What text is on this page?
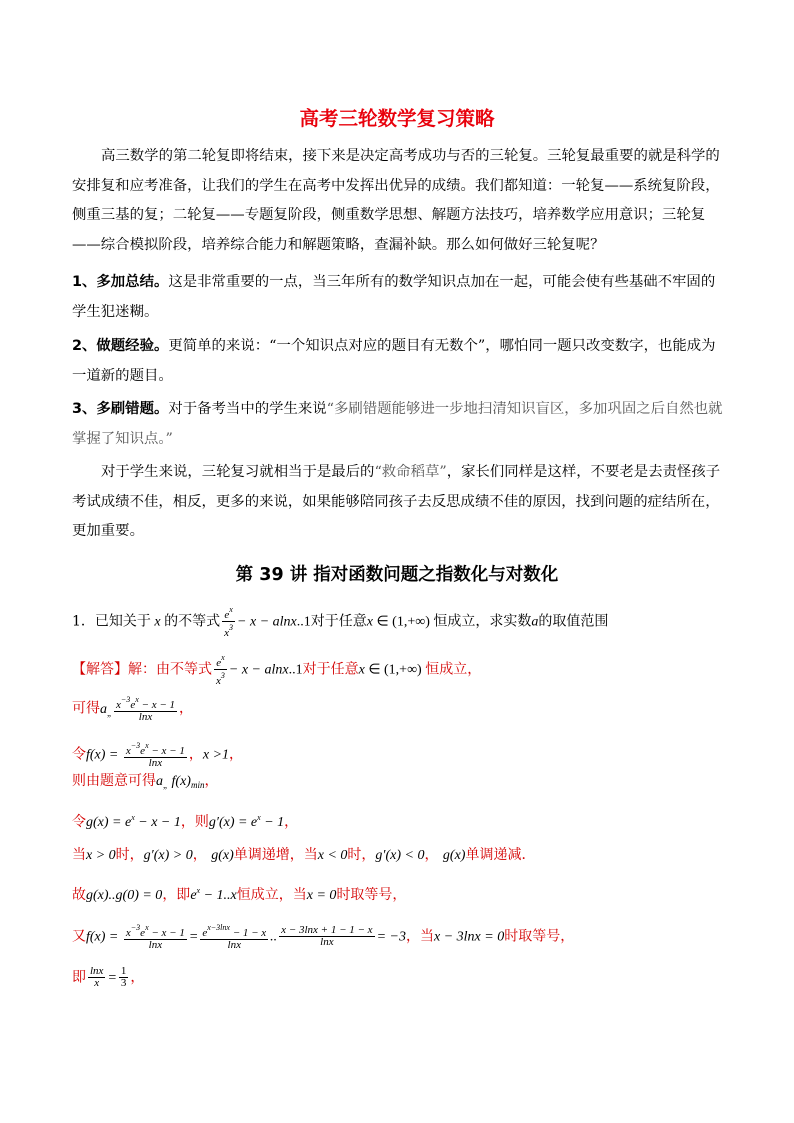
高考三轮数学复习策略
高三数学的第二轮复即将结束，接下来是决定高考成功与否的三轮复。三轮复最重要的就是科学的安排复和应考准备，让我们的学生在高考中发挥出优异的成绩。我们都知道：一轮复——系统复阶段，侧重三基的复；二轮复——专题复阶段，侧重数学思想、解题方法技巧，培养数学应用意识；三轮复——综合模拟阶段，培养综合能力和解题策略，查漏补缺。那么如何做好三轮复呢？
1、多加总结。这是非常重要的一点，当三年所有的数学知识点加在一起，可能会使有些基础不牢固的学生犯迷糊。
2、做题经验。更简单的来说：“一个知识点对应的题目有无数个”，哪怕同一题只改变数字，也能成为一道新的题目。
3、多刷错题。对于备考当中的学生来说“多刷错题能够进一步地扫清知识盲区，多加巩固之后自然也就掌握了知识点。”
对于学生来说，三轮复习就相当于是最后的“救命稻草”，家长们同样是这样，不要老是去责怪孩子考试成绩不佳，相反，更多的来说，如果能够陪同孩子去反思成绩不佳的原因，找到问题的症结所在，更加重要。
第 39 讲 指对函数问题之指数化与对数化
1．已知关于 x 的不等式 $\frac{e^x}{x^3} - x - alnx..1$对于任意x ∈ (1,+∞) 恒成立，求实数a的取值范围
【解答】解：由不等式 $\frac{e^x}{x^3} - x - alnx..1$对于任意x ∈ (1,+∞) 恒成立，
可得$a_„ \frac{x^{-3}e^x - x - 1}{\ln x}$ ，
令$f(x) = \frac{x^{-3}e^x - x - 1}{\ln x}$ ，x >1，
则由题意可得$a_„$ $f(x)_{min}$，
令$g(x) = e^x - x - 1$，则$g'(x) = e^x - 1$，
当x > 0时，g′(x) > 0， g(x)单调递增，当x < 0时，g′(x) < 0， g(x)单调递减．
故g(x)..g(0) = 0，即$e^x - 1..x$恒成立，当x = 0时取等号，
又$f(x) = \frac{x^{-3}e^x - x - 1}{\ln x} = \frac{e^{x-3lnx} - 1 - x}{\ln x}$ .. $\frac{x - 3\ln x + 1 - 1 - x}{\ln x} = -3$，当x − 3lnx = 0时取等号，
即 $\frac{\ln x}{x} = \frac{1}{3}$ ，
